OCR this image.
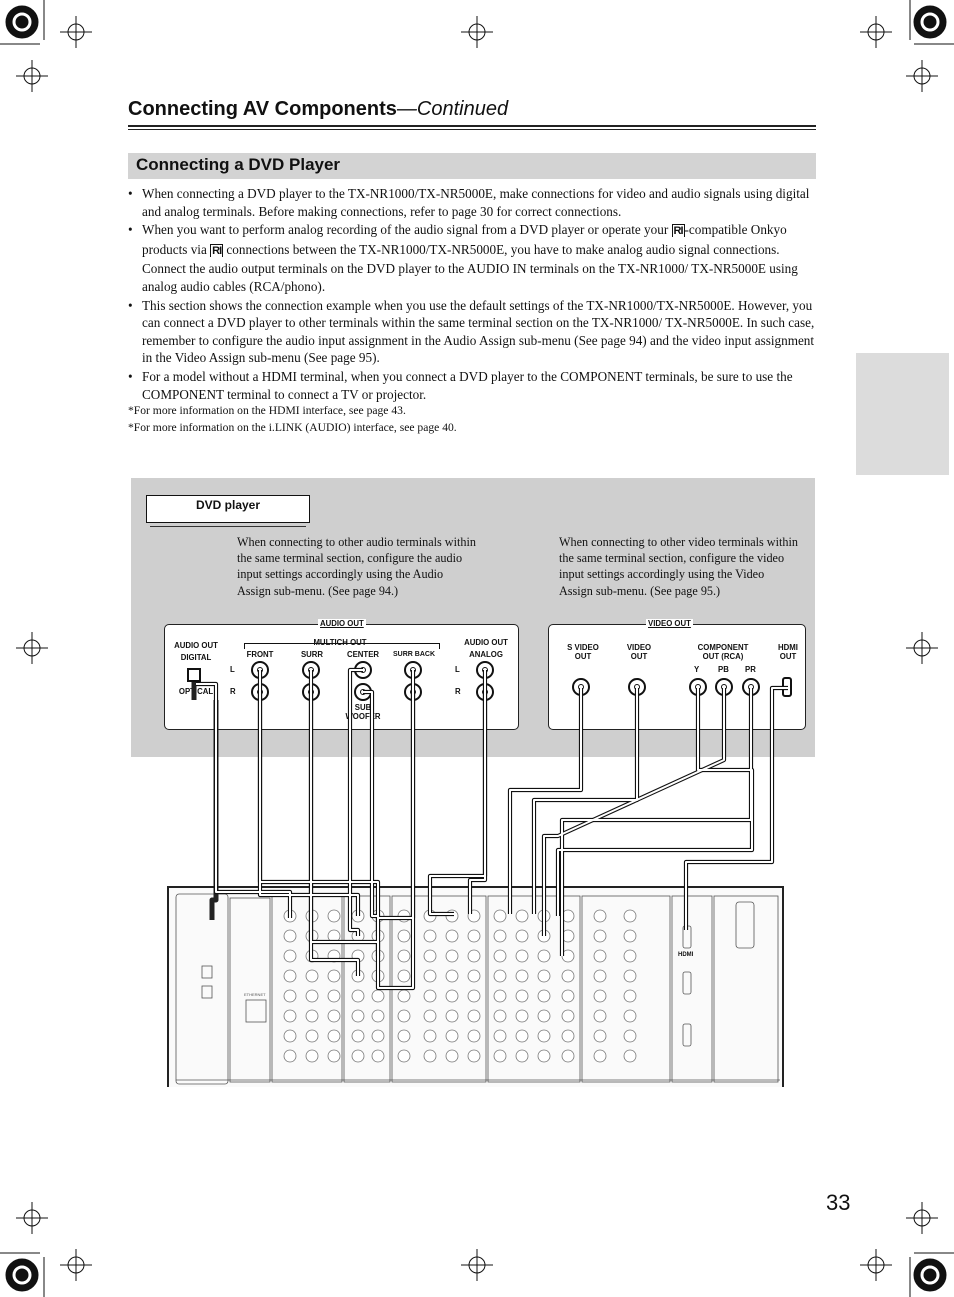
Connecting AV Components—Continued
Connecting a DVD Player
• When connecting a DVD player to the TX-NR1000/TX-NR5000E, make connections for video and audio signals using digital and analog terminals. Before making connections, refer to page 30 for correct connections.
• When you want to perform analog recording of the audio signal from a DVD player or operate your RI -compatible Onkyo products via RI connections between the TX-NR1000/TX-NR5000E, you have to make analog audio signal connections. Connect the audio output terminals on the DVD player to the AUDIO IN terminals on the TX-NR1000/ TX-NR5000E using analog audio cables (RCA/phono).
• This section shows the connection example when you use the default settings of the TX-NR1000/TX-NR5000E. However, you can connect a DVD player to other terminals within the same terminal section on the TX-NR1000/ TX-NR5000E. In such case, remember to configure the audio input assignment in the Audio Assign sub-menu (See page 94) and the video input assignment in the Video Assign sub-menu (See page 95).
• For a model without a HDMI terminal, when you connect a DVD player to the COMPONENT terminals, be sure to use the COMPONENT terminal to connect a TV or projector.
*For more information on the HDMI interface, see page 43.
*For more information on the i.LINK (AUDIO) interface, see page 40.
DVD player
When connecting to other audio terminals within the same terminal section, configure the audio input settings accordingly using the Audio Assign sub-menu. (See page 94.)
When connecting to other video terminals within the same terminal section, configure the video input settings accordingly using the Video Assign sub-menu. (See page 95.)
AUDIO OUT
AUDIO OUT
DIGITAL
OPTICAL
MULTICH OUT
FRONT	SURR	CENTER	SURR BACK
SUB
WOOFER
AUDIO OUT
ANALOG
L
R
L
R
VIDEO OUT
S VIDEO
OUT
VIDEO
OUT
COMPONENT
OUT (RCA)
Y PB PR
HDMI
OUT
HDMI
ETHERNET
33
